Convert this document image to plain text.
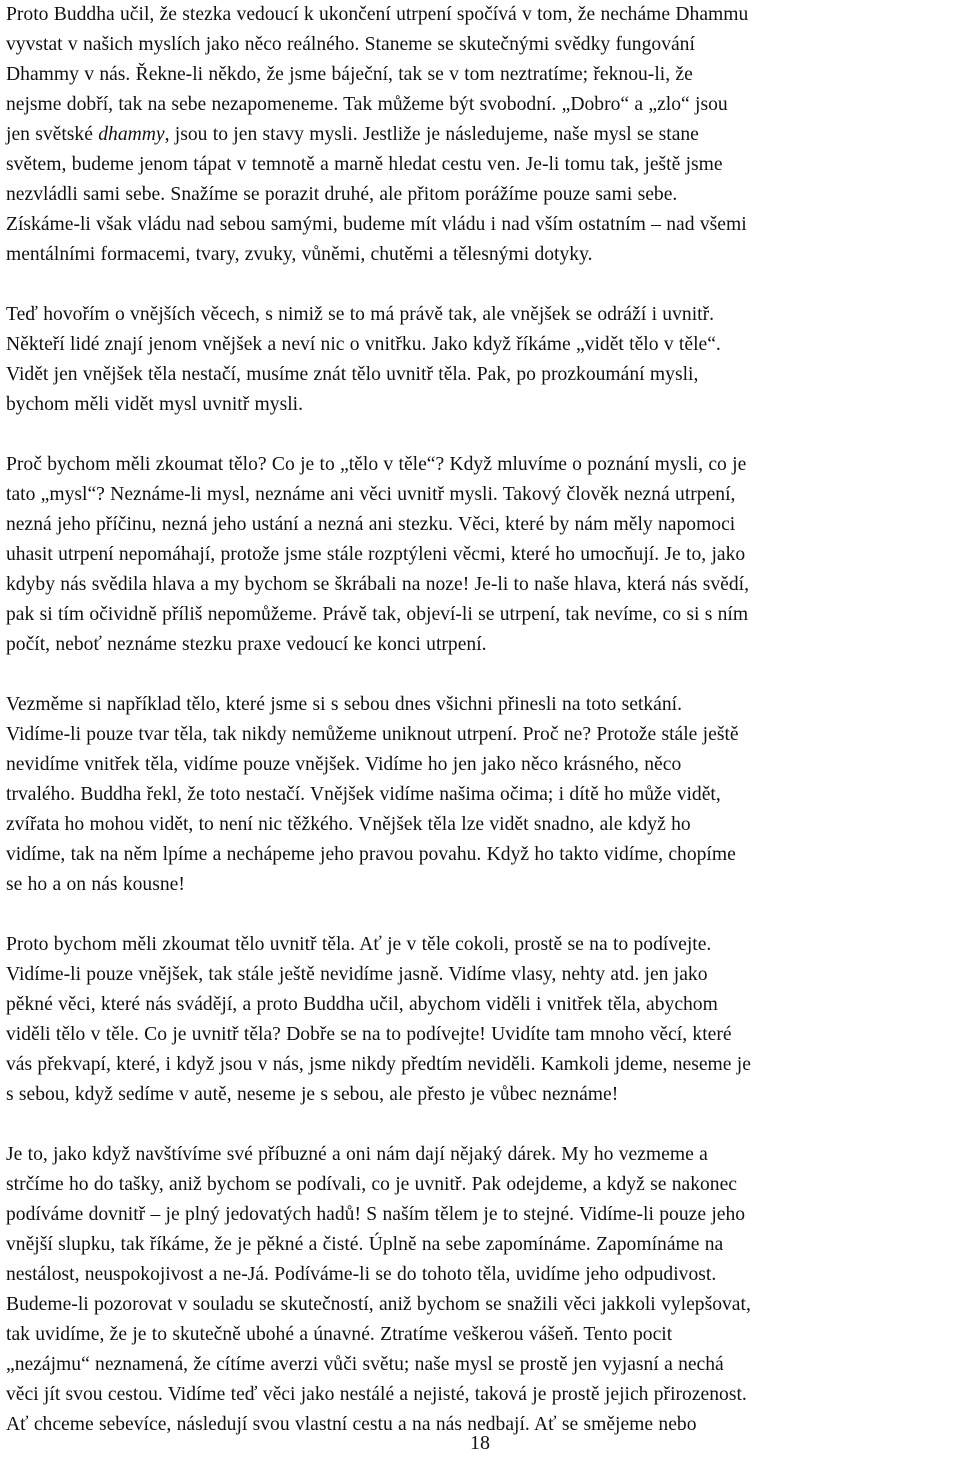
Proto Buddha učil, že stezka vedoucí k ukončení utrpení spočívá v tom, že necháme Dhammu
vyvstat v našich myslích jako něco reálného. Staneme se skutečnými svědky fungování
Dhammy v nás. Řekne-li někdo, že jsme báječní, tak se v tom neztratíme; řeknou-li, že
nejsme dobří, tak na sebe nezapomeneme. Tak můžeme být svobodní. „Dobro“ a „zlo“ jsou
jen světské dhammy, jsou to jen stavy mysli. Jestliže je následujeme, naše mysl se stane
světem, budeme jenom tápat v temnotě a marně hledat cestu ven. Je-li tomu tak, ještě jsme
nezvládli sami sebe. Snažíme se porazit druhé, ale přitom porážíme pouze sami sebe.
Získáme-li však vládu nad sebou samými, budeme mít vládu i nad vším ostatním – nad všemi
mentálními formacemi, tvary, zvuky, vůněmi, chutěmi a tělesnými dotyky.

Teď hovořím o vnějších věcech, s nimiž se to má právě tak, ale vnějšek se odráží i uvnitř.
Někteří lidé znají jenom vnějšek a neví nic o vnitřku. Jako když říkáme „vidět tělo v těle“.
Vidět jen vnějšek těla nestačí, musíme znát tělo uvnitř těla. Pak, po prozkoumání mysli,
bychom měli vidět mysl uvnitř mysli.

Proč bychom měli zkoumat tělo? Co je to „tělo v těle“? Když mluvíme o poznání mysli, co je
tato „mysl“? Neznáme-li mysl, neznáme ani věci uvnitř mysli. Takový člověk nezná utrpení,
nezná jeho příčinu, nezná jeho ustání a nezná ani stezku. Věci, které by nám měly napomoci
uhasit utrpení nepomáhají, protože jsme stále rozptýleni věcmi, které ho umocňují. Je to, jako
kdyby nás svědila hlava a my bychom se škrábali na noze! Je-li to naše hlava, která nás svědí,
pak si tím očividně příliš nepomůžeme. Právě tak, objeví-li se utrpení, tak nevíme, co si s ním
počít, neboť neznáme stezku praxe vedoucí ke konci utrpení.

Vezměme si například tělo, které jsme si s sebou dnes všichni přinesli na toto setkání.
Vidíme-li pouze tvar těla, tak nikdy nemůžeme uniknout utrpení. Proč ne? Protože stále ještě
nevidíme vnitřek těla, vidíme pouze vnějšek. Vidíme ho jen jako něco krásného, něco
trvalého. Buddha řekl, že toto nestačí. Vnějšek vidíme našima očima; i dítě ho může vidět,
zvířata ho mohou vidět, to není nic těžkého. Vnějšek těla lze vidět snadno, ale když ho
vidíme, tak na něm lpíme a nechápeme jeho pravou povahu. Když ho takto vidíme, chopíme
se ho a on nás kousne!

Proto bychom měli zkoumat tělo uvnitř těla. Ať je v těle cokoli, prostě se na to podívejte.
Vidíme-li pouze vnějšek, tak stále ještě nevidíme jasně. Vidíme vlasy, nehty atd. jen jako
pěkné věci, které nás svádějí, a proto Buddha učil, abychom viděli i vnitřek těla, abychom
viděli tělo v těle. Co je uvnitř těla? Dobře se na to podívejte! Uvidíte tam mnoho věcí, které
vás překvapí, které, i když jsou v nás, jsme nikdy předtím neviděli. Kamkoli jdeme, neseme je
s sebou, když sedíme v autě, neseme je s sebou, ale přesto je vůbec neznáme!

Je to, jako když navštívíme své příbuzné a oni nám dají nějaký dárek. My ho vezmeme a
strčíme ho do tašky, aniž bychom se podívali, co je uvnitř. Pak odejdeme, a když se nakonec
podíváme dovnitř – je plný jedovatých hadů! S naším tělem je to stejné. Vidíme-li pouze jeho
vnější slupku, tak říkáme, že je pěkné a čisté. Úplně na sebe zapomínáme. Zapomínáme na
nestálost, neuspokojivost a ne-Já. Podíváme-li se do tohoto těla, uvidíme jeho odpudivost.
Budeme-li pozorovat v souladu se skutečností, aniž bychom se snažili věci jakkoli vylepšovat,
tak uvidíme, že je to skutečně ubohé a únavné. Ztratíme veškerou vášeň. Tento pocit
„nezájmu“ neznamená, že cítíme averzi vůči světu; naše mysl se prostě jen vyjasní a nechá
věci jít svou cestou. Vidíme teď věci jako nestálé a nejisté, taková je prostě jejich přirozenost.
Ať chceme sebevíce, následují svou vlastní cestu a na nás nedbají. Ať se smějeme nebo

18
